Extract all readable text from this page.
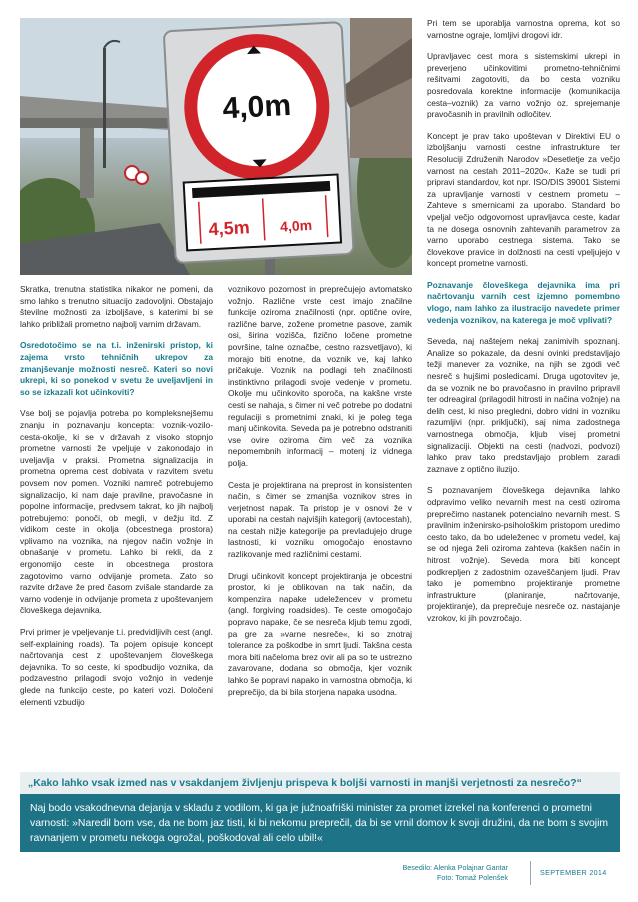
4,0m
4,5m 4,0m

Skratka, trenutna statistika nikakor ne pomeni, da smo lahko s trenutno situacijo zadovoljni. Obstajajo številne možnosti za izboljšave, s katerimi bi se lahko približali prometno najbolj varnim državam.

Osredotočimo se na t.i. inženirski pristop, ki zajema vrsto tehničnih ukrepov za zmanjševanje možnosti nesreč. Kateri so novi ukrepi, ki so ponekod v svetu že uveljavljeni in so se izkazali kot učinkoviti?

Vse bolj se pojavlja potreba po kompleksnejšemu znanju in poznavanju koncepta: voznik-vozilo-cesta-okolje, ki se v državah z visoko stopnjo prometne varnosti že vpeljuje v zakonodajo in uveljavlja v praksi. Prometna signalizacija in prometna oprema cest dobivata v razvitem svetu povsem nov pomen. Vozniki namreč potrebujemo signalizacijo, ki nam daje pravilne, pravočasne in popolne informacije, predvsem takrat, ko jih najbolj potrebujemo: ponoči, ob megli, v dežju itd. Z vidikom ceste in okolja (obcestnega prostora) vplivamo na voznika, na njegov način vožnje in obnašanje v prometu. Lahko bi rekli, da z ergonomijo ceste in obcestnega prostora zagotovimo varno odvijanje prometa. Zato so razvite države že pred časom zvišale standarde za varno vodenje in odvijanje prometa z upoštevanjem človeškega dejavnika.

Prvi primer je vpeljevanje t.i. predvidljivih cest (angl. self-explaining roads). Ta pojem opisuje koncept načrtovanja cest z upoštevanjem človeškega dejavnika. To so ceste, ki spodbudijo voznika, da podzavestno prilagodi svojo vožnjo in vedenje glede na funkcijo ceste, po kateri vozi. Določeni elementi vzbudijo

voznikovo pozornost in preprečujejo avtomatsko vožnjo. Različne vrste cest imajo značilne funkcije oziroma značilnosti (npr. optične ovire, različne barve, zožene prometne pasove, zamik osi, širina vozišča, fizično ločene prometne površine, talne označbe, cestno razsvetljavo), ki morajo biti enotne, da voznik ve, kaj lahko pričakuje. Voznik na podlagi teh značilnosti instinktivno prilagodi svoje vedenje v prometu. Okolje mu učinkovito sporoča, na kakšne vrste cesti se nahaja, s čimer ni več potrebe po dodatni regulaciji s prometnimi znaki, ki je poleg tega manj učinkovita. Seveda pa je potrebno odstraniti vse ovire oziroma čim več za voznika nepomembnih informacij – motenj iz vidnega polja.

Cesta je projektirana na preprost in konsistenten način, s čimer se zmanjša voznikov stres in verjetnost napak. Ta pristop je v osnovi že v uporabi na cestah najvišjih kategorij (avtocestah), na cestah nižje kategorije pa prevladujejo druge lastnosti, ki vozniku omogočajo enostavno razlikovanje med različnimi cestami.

Drugi učinkovit koncept projektiranja je obcestni prostor, ki je oblikovan na tak način, da kompenzira napake udeležencev v prometu (angl. forgiving roadsides). Te ceste omogočajo popravo napake, če se nesreča kljub temu zgodi, pa gre za »varne nesreče«, ki so znotraj tolerance za poškodbe in smrt ljudi. Takšna cesta mora biti načeloma brez ovir ali pa so te ustrezno zavarovane, dodana so območja, kjer voznik lahko še popravi napako in varnostna območja, ki preprečijo, da bi bila storjena napaka usodna.

Pri tem se uporablja varnostna oprema, kot so varnostne ograje, lomljivi drogovi idr.

Upravljavec cest mora s sistemskimi ukrepi in preverjeno učinkovitimi prometno-tehničnimi rešitvami zagotoviti, da bo cesta vozniku posredovala korektne informacije (komunikacija cesta–voznik) za varno vožnjo oz. sprejemanje pravočasnih in pravilnih odločitev.

Koncept je prav tako upoštevan v Direktivi EU o izboljšanju varnosti cestne infrastrukture ter Resoluciji Združenih Narodov »Desetletje za večjo varnost na cestah 2011–2020«. Kaže se tudi pri pripravi standardov, kot npr. ISO/DIS 39001 Sistemi za upravljanje varnosti v cestnem prometu – Zahteve s smernicami za uporabo. Standard bo vpeljal večjo odgovornost upravljavca ceste, kadar ta ne dosega osnovnih zahtevanih parametrov za varno uporabo cestnega sistema. Tako se človekove pravice in dolžnosti na cesti vpeljujejo v koncept prometne varnosti.

Poznavanje človeškega dejavnika ima pri načrtovanju varnih cest izjemno pomembno vlogo, nam lahko za ilustracijo navedete primer vedenja voznikov, na katerega je moč vplivati?

Seveda, naj naštejem nekaj zanimivih spoznanj. Analize so pokazale, da desni ovinki predstavljajo težji manever za voznike, na njih se zgodi več nesreč s hujšimi posledicami. Druga ugotovitev je, da se voznik ne bo pravočasno in pravilno pripravil ter odreagiral (prilagodil hitrosti in načina vožnje) na delih cest, ki niso pregledni, dobro vidni in vozniku razumljivi (npr. priključki), saj nima zadostnega varnostnega območja, kljub visej prometni signalizaciji. Objekti na cesti (nadvozi, podvozi) lahko prav tako predstavljajo problem zaradi zaznave z optično iluzijo.

S poznavanjem človeškega dejavnika lahko odpravimo veliko nevarnih mest na cesti oziroma preprečimo nastanek potencialno nevarnih mest. S pravilnim inženirsko-psihološkim pristopom uredimo cesto tako, da bo udeleženec v prometu vedel, kaj se od njega želi oziroma zahteva (kakšen način in hitrost vožnje). Seveda mora biti koncept podkrepljen z zadostnim ozaveščanjem ljudi. Prav tako je pomembno projektiranje prometne infrastrukture (planiranje, načrtovanje, projektiranje), da preprečuje nesreče oz. nastajanje vzrokov, ki jih povzročajo.

„Kako lahko vsak izmed nas v vsakdanjem življenju prispeva k boljši varnosti in manjši verjetnosti za nesrečo?“
Naj bodo vsakodnevna dejanja v skladu z vodilom, ki ga je južnoafriški minister za promet izrekel na konferenci o prometni varnosti: »Naredil bom vse, da ne bom jaz tisti, ki bi nekomu preprečil, da bi se vrnil domov k svoji družini, da ne bom s svojim ravnanjem v prometu nekoga ogrožal, poškodoval ali celo ubil!«
Besedilo: Alenka Polajnar Gantar
Foto: Tomaž Polenšek
SEPTEMBER 2014
